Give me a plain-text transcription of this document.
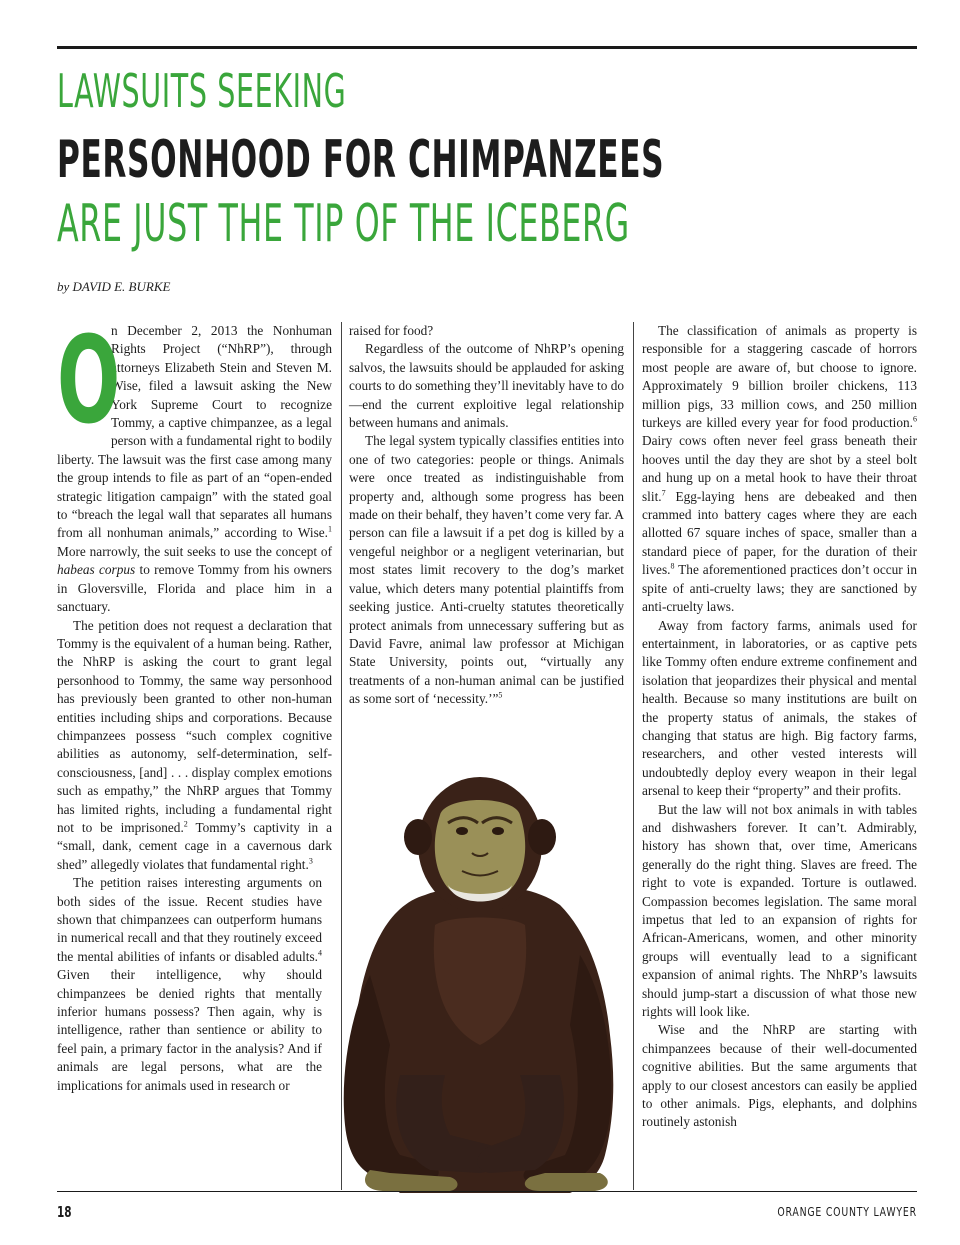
LAWSUITS SEEKING
PERSONHOOD FOR CHIMPANZEES
ARE JUST THE TIP OF THE ICEBERG

by DAVID E. BURKE

O
n December 2, 2013 the Nonhuman Rights Project (“NhRP”), through attorneys Elizabeth Stein and Steven M. Wise, filed a lawsuit asking the New York Supreme Court to recognize Tommy, a captive chimpanzee, as a legal person with a fundamental right to bodily liberty. The lawsuit was the first case among many the group intends to file as part of an “open-ended strategic litigation campaign” with the stated goal to “breach the legal wall that separates all humans from all nonhuman animals,” according to Wise.$^1$ More narrowly, the suit seeks to use the concept of habeas corpus to remove Tommy from his owners in Gloversville, Florida and place him in a sanctuary.

The petition does not request a declaration that Tommy is the equivalent of a human being. Rather, the NhRP is asking the court to grant legal personhood to Tommy, the same way personhood has previously been granted to other non-human entities including ships and corporations. Because chimpanzees possess “such complex cognitive abilities as autonomy, self-determination, self-consciousness, [and] . . . display complex emotions such as empathy,” the NhRP argues that Tommy has limited rights, including a fundamental right not to be imprisoned.$^2$ Tommy’s captivity in a “small, dank, cement cage in a cavernous dark shed” allegedly violates that fundamental right.$^3$

The petition raises interesting arguments on both sides of the issue. Recent studies have shown that chimpanzees can outperform humans in numerical recall and that they routinely exceed the mental abilities of infants or disabled adults.$^4$ Given their intelligence, why should chimpanzees be denied rights that mentally inferior humans possess? Then again, why is intelligence, rather than sentience or ability to feel pain, a primary factor in the analysis? And if animals are legal persons, what are the implications for animals used in research or

raised for food?

Regardless of the outcome of NhRP’s opening salvos, the lawsuits should be applauded for asking courts to do something they’ll inevitably have to do—end the current exploitive legal relationship between humans and animals.

The legal system typically classifies entities into one of two categories: people or things. Animals were once treated as indistinguishable from property and, although some progress has been made on their behalf, they haven’t come very far. A person can file a lawsuit if a pet dog is killed by a vengeful neighbor or a negligent veterinarian, but most states limit recovery to the dog’s market value, which deters many potential plaintiffs from seeking justice. Anti-cruelty statutes theoretically protect animals from unnecessary suffering but as David Favre, animal law professor at Michigan State University, points out, “virtually any treatments of a non-human animal can be justified as some sort of ‘necessity.’”$^5$

The classification of animals as property is responsible for a staggering cascade of horrors most people are aware of, but choose to ignore. Approximately 9 billion broiler chickens, 113 million pigs, 33 million cows, and 250 million turkeys are killed every year for food production.$^6$ Dairy cows often never feel grass beneath their hooves until the day they are shot by a steel bolt and hung up on a metal hook to have their throat slit.$^7$ Egg-laying hens are debeaked and then crammed into battery cages where they are each allotted 67 square inches of space, smaller than a standard piece of paper, for the duration of their lives.$^8$ The aforementioned practices don’t occur in spite of anti-cruelty laws; they are sanctioned by anti-cruelty laws.

Away from factory farms, animals used for entertainment, in laboratories, or as captive pets like Tommy often endure extreme confinement and isolation that jeopardizes their physical and mental health. Because so many institutions are built on the property status of animals, the stakes of changing that status are high. Big factory farms, researchers, and other vested interests will undoubtedly deploy every weapon in their legal arsenal to keep their “property” and their profits.

But the law will not box animals in with tables and dishwashers forever. It can’t. Admirably, history has shown that, over time, Americans generally do the right thing. Slaves are freed. The right to vote is expanded. Torture is outlawed. Compassion becomes legislation. The same moral impetus that led to an expansion of rights for African-Americans, women, and other minority groups will eventually lead to a significant expansion of animal rights. The NhRP’s lawsuits should jump-start a discussion of what those new rights will look like.

Wise and the NhRP are starting with chimpanzees because of their well-documented cognitive abilities. But the same arguments that apply to our closest ancestors can easily be applied to other animals. Pigs, elephants, and dolphins routinely astonish

18	ORANGE COUNTY LAWYER
